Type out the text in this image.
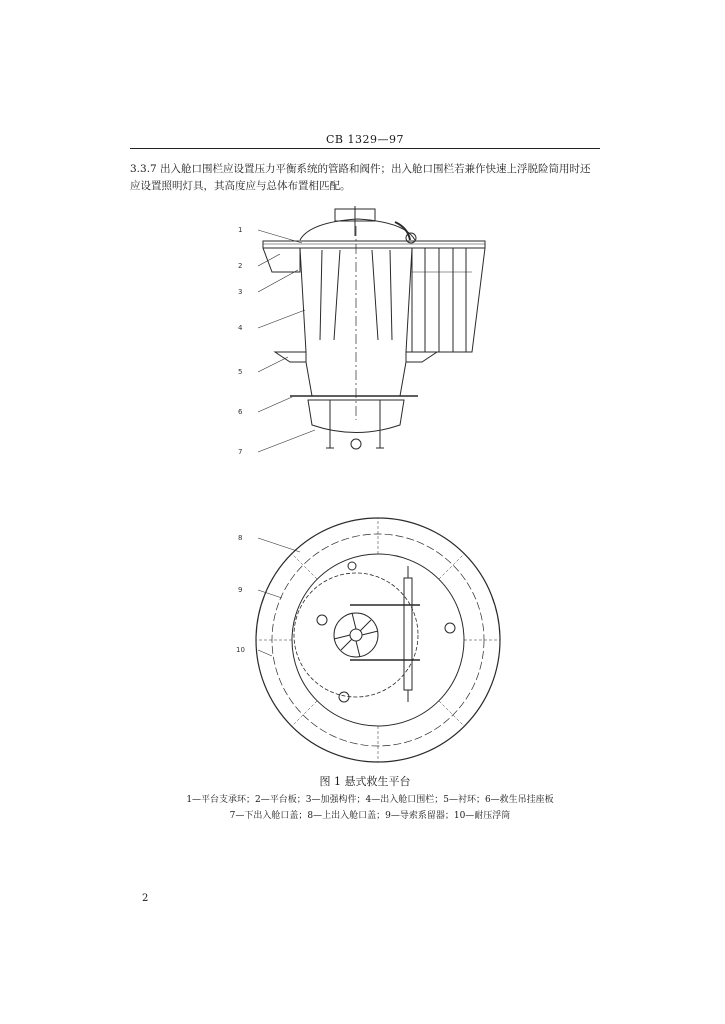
CB 1329—97
3.3.7 出入舱口围栏应设置压力平衡系统的管路和阀件；出入舱口围栏若兼作快速上浮脱险筒用时还
应设置照明灯具，其高度应与总体布置相匹配。
1
2
3
4
5
6
7
8
9
10
图 1 悬式救生平台
1—平台支承环；2—平台板；3—加强构件；4—出入舱口围栏；5—衬环；6—救生吊挂座板
7—下出入舱口盖；8—上出入舱口盖；9—导索系留器；10—耐压浮筒
2
